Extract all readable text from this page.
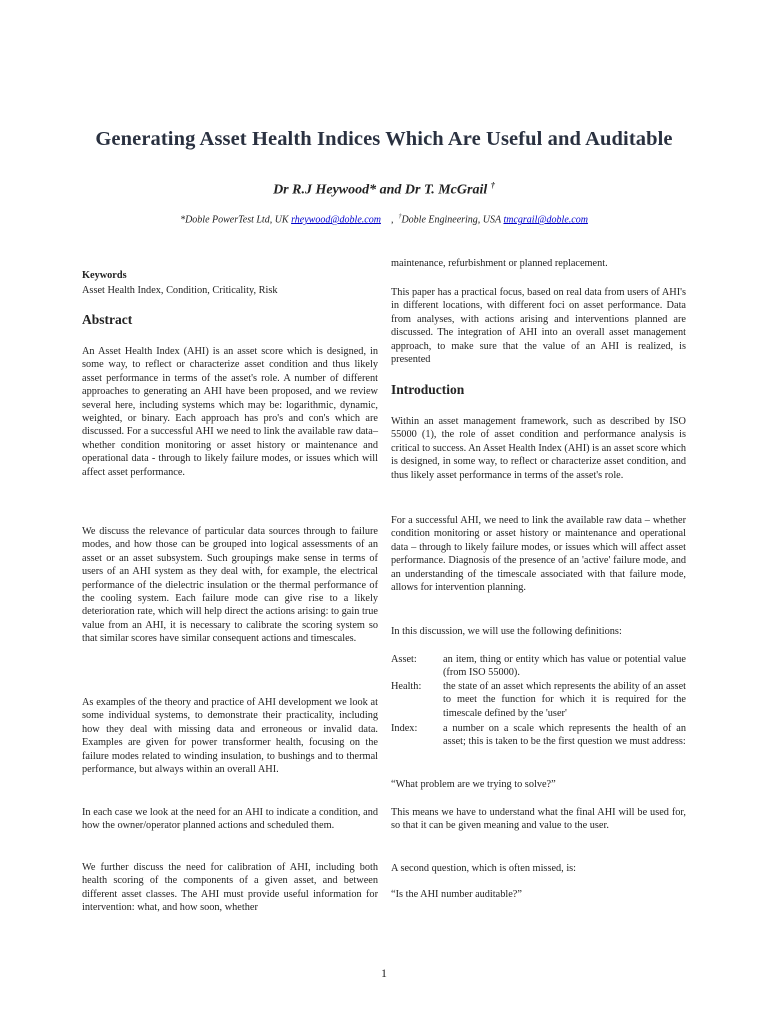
Generating Asset Health Indices Which Are Useful and Auditable
Dr R.J Heywood* and Dr T. McGrail †
*Doble PowerTest Ltd, UK rheywood@doble.com    ,  †Doble Engineering, USA tmcgrail@doble.com
Keywords
Asset Health Index, Condition, Criticality, Risk
Abstract

An Asset Health Index (AHI) is an asset score which is designed, in some way, to reflect or characterize asset condition and thus likely asset performance in terms of the asset's role. A number of different approaches to generating an AHI have been proposed, and we review several here, including systems which may be: logarithmic, dynamic, weighted, or binary. Each approach has pro's and con's which are discussed. For a successful AHI we need to link the available raw data– whether condition monitoring or asset history or maintenance and operational data - through to likely failure modes, or issues which will affect asset performance.

We discuss the relevance of particular data sources through to failure modes, and how those can be grouped into logical assessments of an asset or an asset subsystem. Such groupings make sense in terms of users of an AHI system as they deal with, for example, the electrical performance of the dielectric insulation or the thermal performance of the cooling system. Each failure mode can give rise to a likely deterioration rate, which will help direct the actions arising: to gain true value from an AHI, it is necessary to calibrate the scoring system so that similar scores have similar consequent actions and timescales.

As examples of the theory and practice of AHI development we look at some individual systems, to demonstrate their practicality, including how they deal with missing data and erroneous or invalid data. Examples are given for power transformer health, focusing on the failure modes related to winding insulation, to bushings and to thermal performance, but always within an overall AHI.

In each case we look at the need for an AHI to indicate a condition, and how the owner/operator planned actions and scheduled them.

We further discuss the need for calibration of AHI, including both health scoring of the components of a given asset, and between different asset classes. The AHI must provide useful information for intervention: what, and how soon, whether

maintenance, refurbishment or planned replacement.

This paper has a practical focus, based on real data from users of AHI's in different locations, with different foci on asset performance. Data from analyses, with actions arising and interventions planned are discussed. The integration of AHI into an overall asset management approach, to make sure that the value of an AHI is realized, is presented

Introduction

Within an asset management framework, such as described by ISO 55000 (1), the role of asset condition and performance analysis is critical to success. An Asset Health Index (AHI) is an asset score which is designed, in some way, to reflect or characterize asset condition, and thus likely asset performance in terms of the asset's role.

For a successful AHI, we need to link the available raw data – whether condition monitoring or asset history or maintenance and operational data – through to likely failure modes, or issues which will affect asset performance. Diagnosis of the presence of an 'active' failure mode, and an understanding of the timescale associated with that failure mode, allows for intervention planning.

In this discussion, we will use the following definitions:

Asset:	an item, thing or entity which has value or potential value (from ISO 55000).
Health:	the state of an asset which represents the ability of an asset to meet the function for which it is required for the timescale defined by the 'user'
Index:	a number on a scale which represents the health of an asset; this is taken to be the first question we must address:

“What problem are we trying to solve?”

This means we have to understand what the final AHI will be used for, so that it can be given meaning and value to the user.

A second question, which is often missed, is:

“Is the AHI number auditable?”

1
